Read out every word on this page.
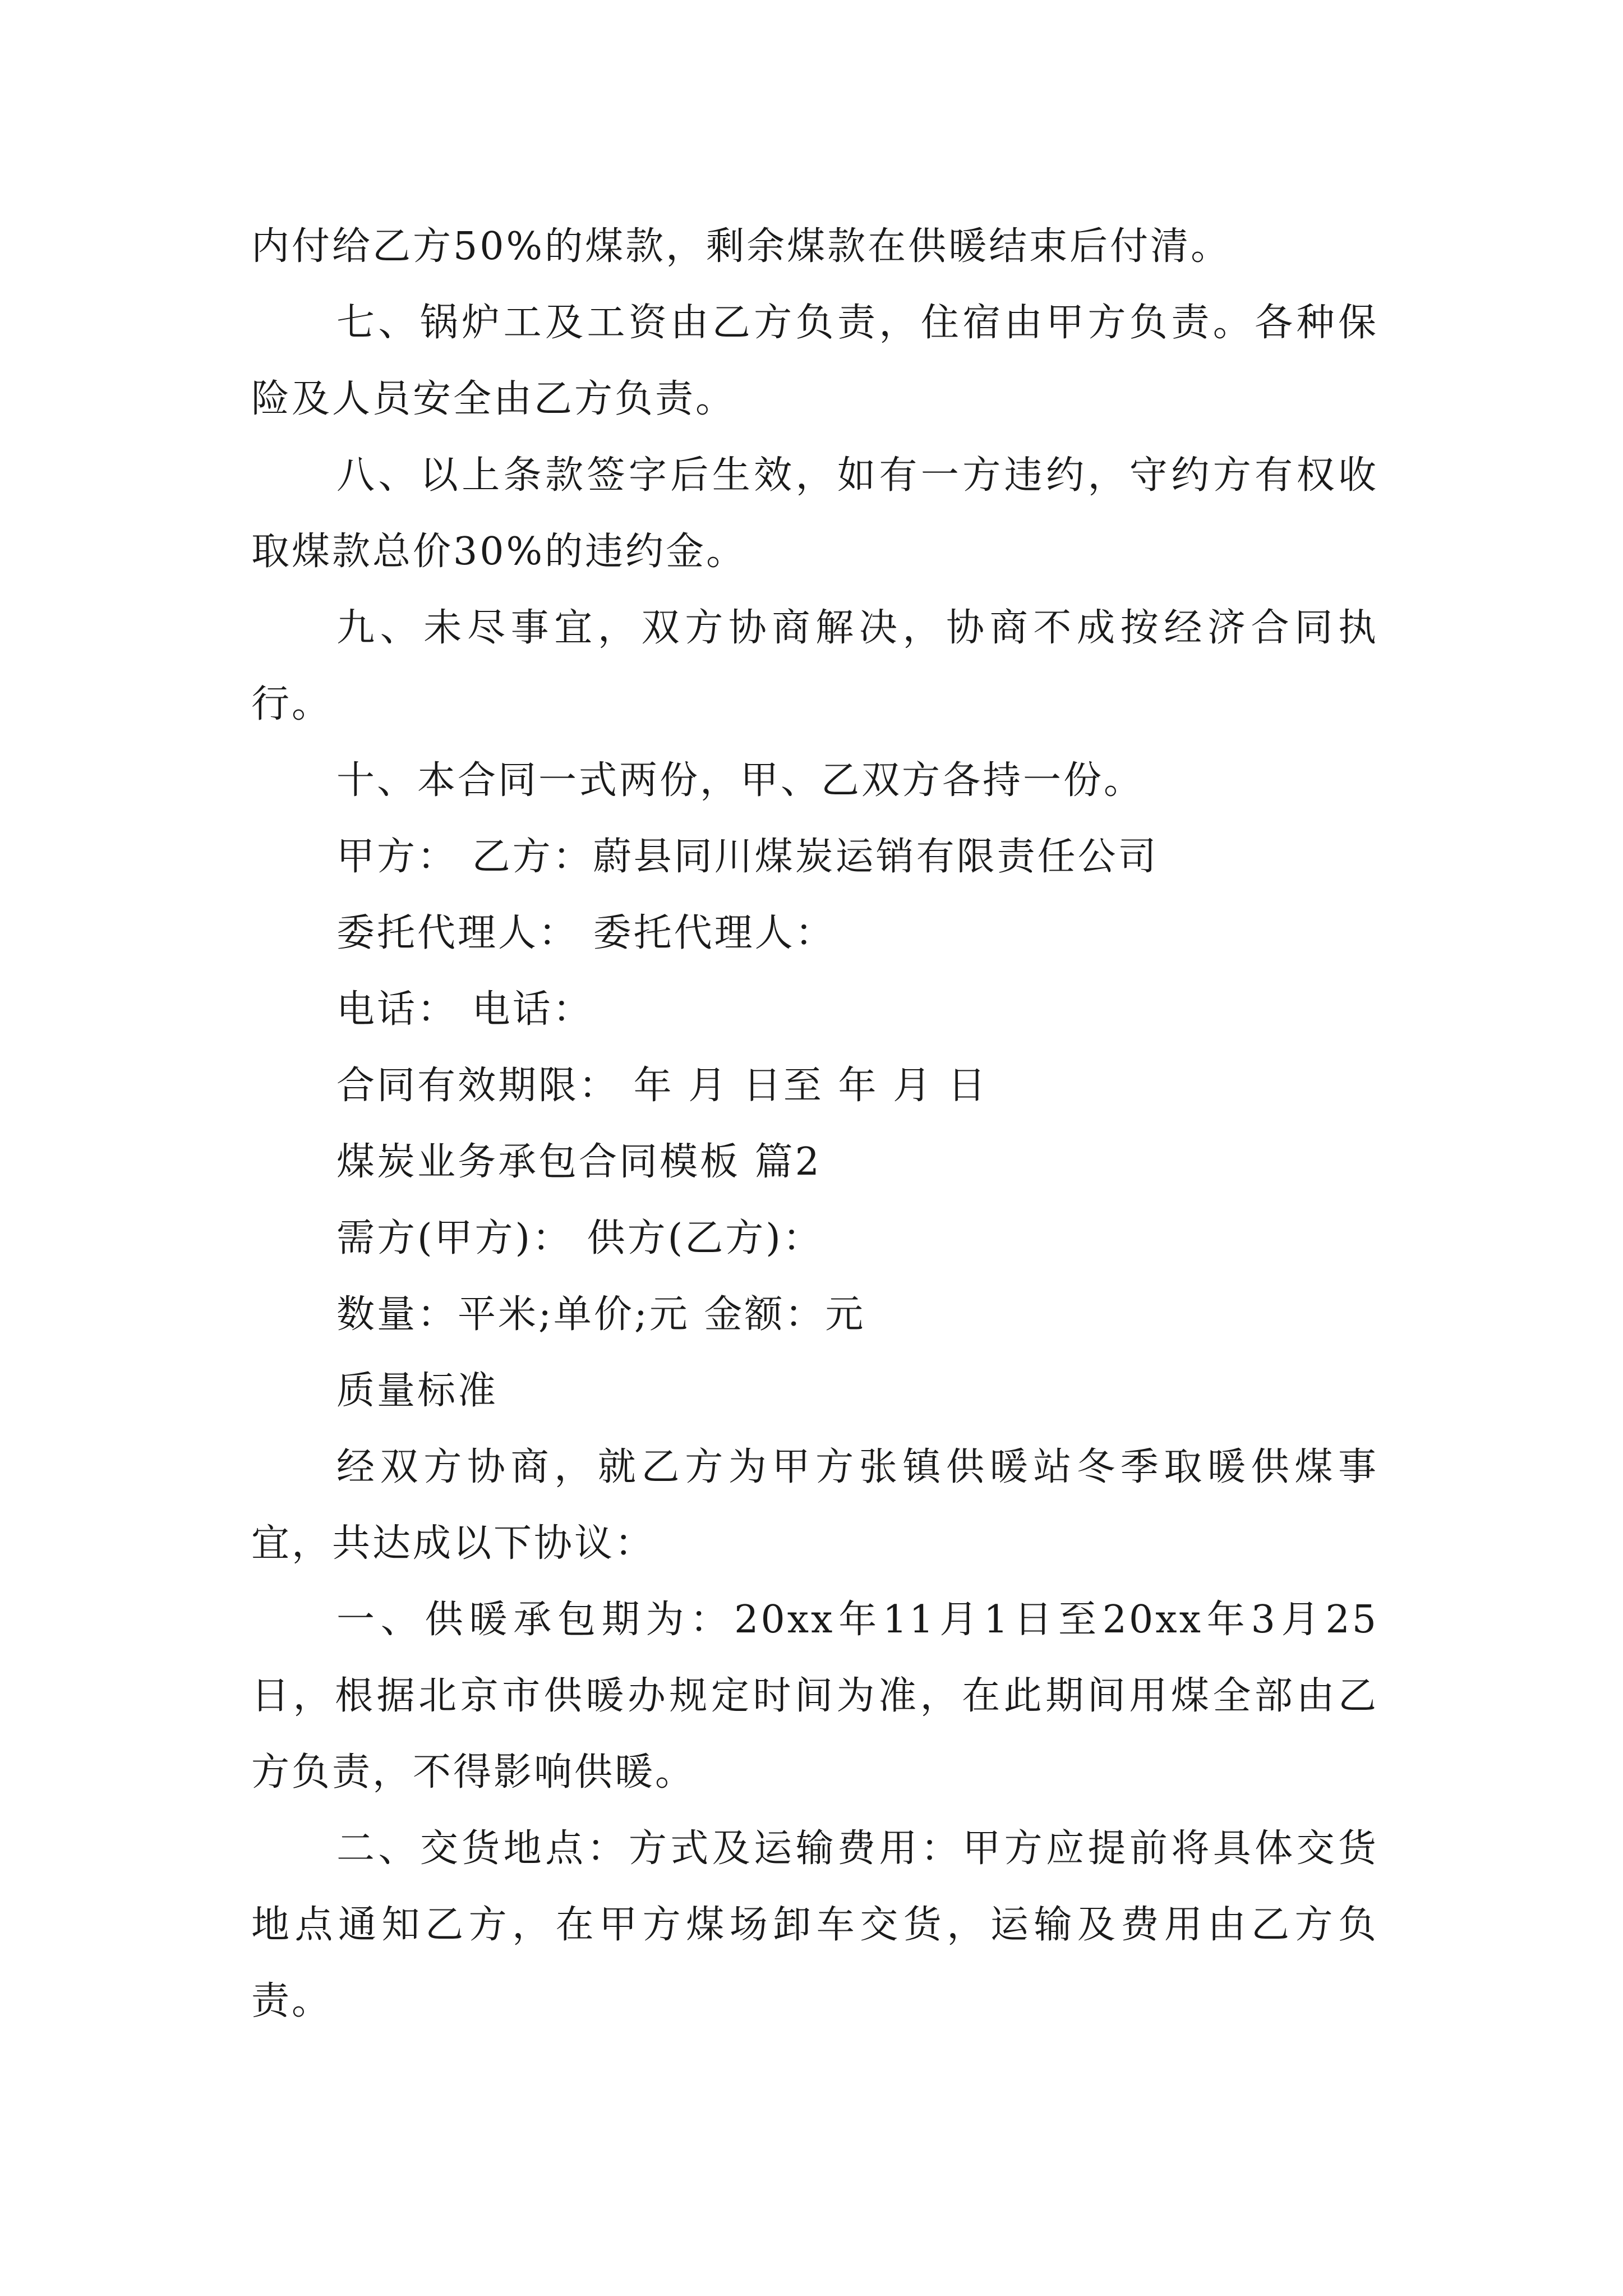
内付给乙方50%的煤款，剩余煤款在供暖结束后付清。

七、锅炉工及工资由乙方负责，住宿由甲方负责。各种保险及人员安全由乙方负责。

八、以上条款签字后生效，如有一方违约，守约方有权收取煤款总价30%的违约金。

九、未尽事宜，双方协商解决，协商不成按经济合同执行。

十、本合同一式两份，甲、乙双方各持一份。

甲方： 乙方：蔚县同川煤炭运销有限责任公司

委托代理人： 委托代理人：

电话： 电话：

合同有效期限： 年 月 日至 年 月 日

煤炭业务承包合同模板 篇2

需方(甲方)： 供方(乙方)：

数量：平米;单价;元 金额：元

质量标准

经双方协商，就乙方为甲方张镇供暖站冬季取暖供煤事宜，共达成以下协议：

一、供暖承包期为：20xx年11月1日至20xx年3月25日，根据北京市供暖办规定时间为准，在此期间用煤全部由乙方负责，不得影响供暖。

二、交货地点：方式及运输费用：甲方应提前将具体交货地点通知乙方，在甲方煤场卸车交货，运输及费用由乙方负责。
